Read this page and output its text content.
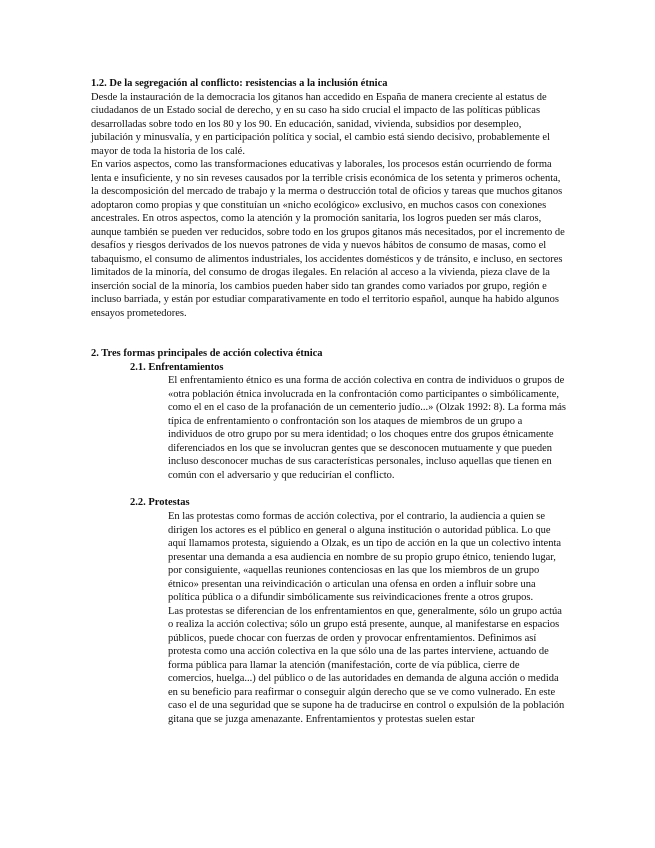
1.2. De la segregación al conflicto: resistencias a la inclusión étnica

Desde la instauración de la democracia los gitanos han accedido en España de manera creciente al estatus de ciudadanos de un Estado social de derecho, y en su caso ha sido crucial el impacto de las políticas públicas desarrolladas sobre todo en los 80 y los 90. En educación, sanidad, vivienda, subsidios por desempleo, jubilación y minusvalía, y en participación política y social, el cambio está siendo decisivo, probablemente el mayor de toda la historia de los calé.

En varios aspectos, como las transformaciones educativas y laborales, los procesos están ocurriendo de forma lenta e insuficiente, y no sin reveses causados por la terrible crisis económica de los setenta y primeros ochenta, la descomposición del mercado de trabajo y la merma o destrucción total de oficios y tareas que muchos gitanos adoptaron como propias y que constituían un «nicho ecológico» exclusivo, en muchos casos con conexiones ancestrales. En otros aspectos, como la atención y la promoción sanitaria, los logros pueden ser más claros, aunque también se pueden ver reducidos, sobre todo en los grupos gitanos más necesitados, por el incremento de desafíos y riesgos derivados de los nuevos patrones de vida y nuevos hábitos de consumo de masas, como el tabaquismo, el consumo de alimentos industriales, los accidentes domésticos y de tránsito, e incluso, en sectores limitados de la minoría, del consumo de drogas ilegales. En relación al acceso a la vivienda, pieza clave de la inserción social de la minoría, los cambios pueden haber sido tan grandes como variados por grupo, región e incluso barriada, y están por estudiar comparativamente en todo el territorio español, aunque ha habido algunos ensayos prometedores.

2. Tres formas principales de acción colectiva étnica

2.1. Enfrentamientos

El enfrentamiento étnico es una forma de acción colectiva en contra de individuos o grupos de «otra población étnica involucrada en la confrontación como participantes o simbólicamente, como el en el caso de la profanación de un cementerio judío...» (Olzak 1992: 8). La forma más típica de enfrentamiento o confrontación son los ataques de miembros de un grupo a individuos de otro grupo por su mera identidad; o los choques entre dos grupos étnicamente diferenciados en los que se involucran gentes que se desconocen mutuamente y que pueden incluso desconocer muchas de sus características personales, incluso aquellas que tienen en común con el adversario y que reducirían el conflicto.

2.2. Protestas

En las protestas como formas de acción colectiva, por el contrario, la audiencia a quien se dirigen los actores es el público en general o alguna institución o autoridad pública. Lo que aquí llamamos protesta, siguiendo a Olzak, es un tipo de acción en la que un colectivo intenta presentar una demanda a esa audiencia en nombre de su propio grupo étnico, teniendo lugar, por consiguiente, «aquellas reuniones contenciosas en las que los miembros de un grupo étnico» presentan una reivindicación o articulan una ofensa en orden a influir sobre una política pública o a difundir simbólicamente sus reivindicaciones frente a otros grupos.

Las protestas se diferencian de los enfrentamientos en que, generalmente, sólo un grupo actúa o realiza la acción colectiva; sólo un grupo está presente, aunque, al manifestarse en espacios públicos, puede chocar con fuerzas de orden y provocar enfrentamientos. Definimos así protesta como una acción colectiva en la que sólo una de las partes interviene, actuando de forma pública para llamar la atención (manifestación, corte de vía pública, cierre de comercios, huelga...) del público o de las autoridades en demanda de alguna acción o medida en su beneficio para reafirmar o conseguir algún derecho que se ve como vulnerado. En este caso el de una seguridad que se supone ha de traducirse en control o expulsión de la población gitana que se juzga amenazante. Enfrentamientos y protestas suelen estar
